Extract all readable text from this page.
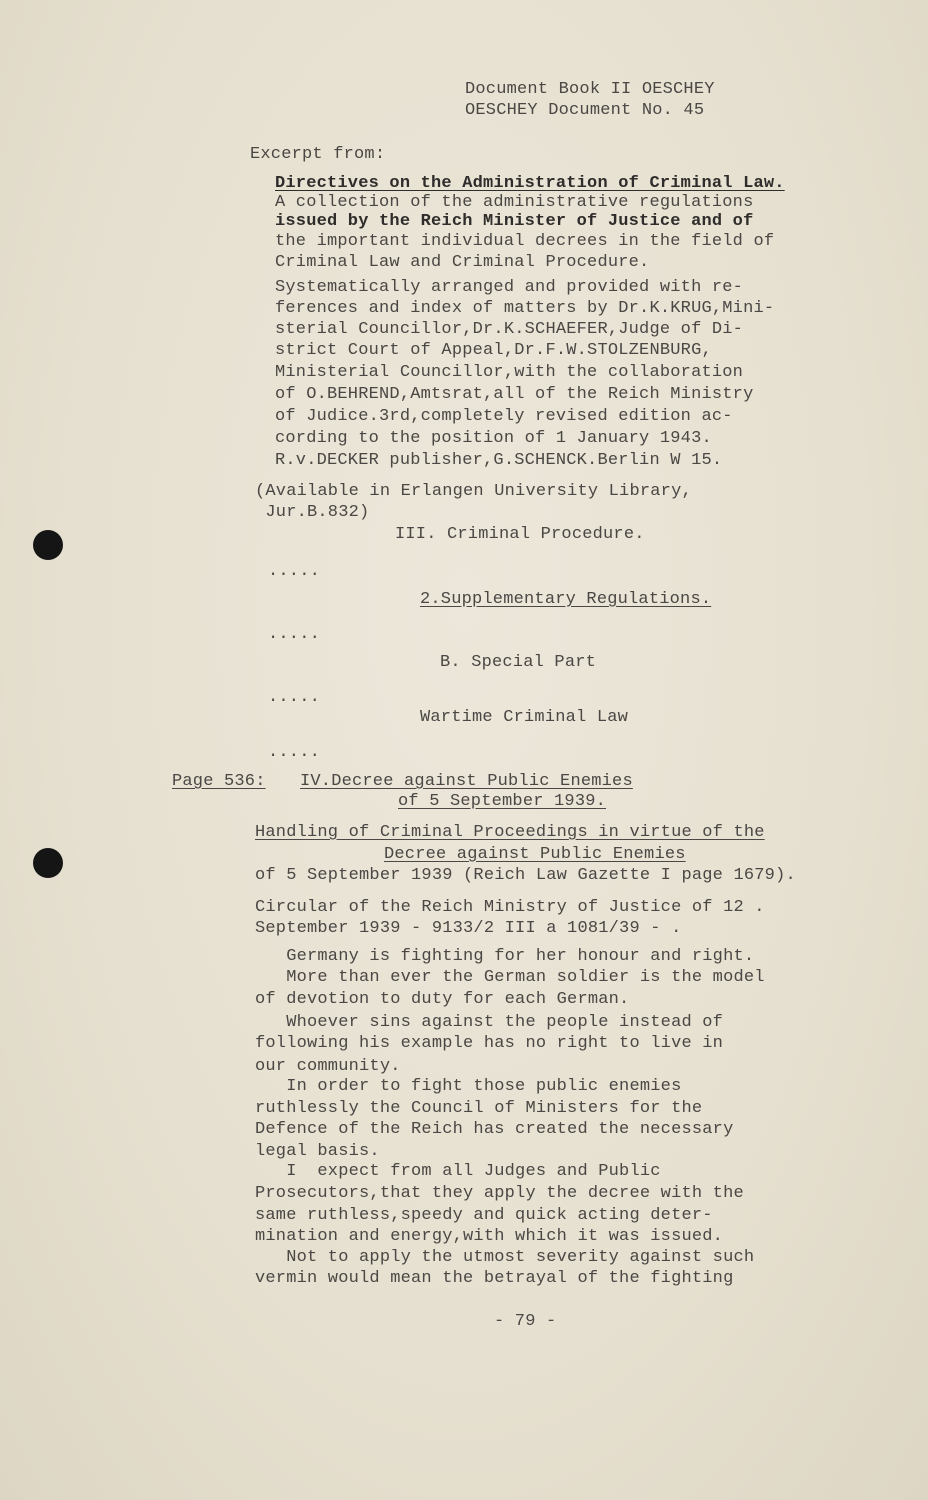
Document Book II OESCHEY
OESCHEY Document No. 45
Excerpt from:
Directives on the Administration of Criminal Law.
A collection of the administrative regulations
issued by the Reich Minister of Justice and of
the important individual decrees in the field of
Criminal Law and Criminal Procedure.
Systematically arranged and provided with re-
ferences and index of matters by Dr.K.KRUG,Mini-
sterial Councillor,Dr.K.SCHAEFER,Judge of Di-
strict Court of Appeal,Dr.F.W.STOLZENBURG,
Ministerial Councillor,with the collaboration
of O.BEHREND,Amtsrat,all of the Reich Ministry
of Judice.3rd,completely revised edition ac-
cording to the position of 1 January 1943.
R.v.DECKER publisher,G.SCHENCK.Berlin W 15.
(Available in Erlangen University Library,
Jur.B.832)
III. Criminal Procedure.
.....
2.Supplementary Regulations.
.....
B. Special Part
.....
Wartime Criminal Law
.....
Page 536: IV.Decree against Public Enemies
of 5 September 1939.
Handling of Criminal Proceedings in virtue of the
Decree against Public Enemies
of 5 September 1939 (Reich Law Gazette I page 1679).
Circular of the Reich Ministry of Justice of 12 .
September 1939 - 9133/2 III a 1081/39 - .
Germany is fighting for her honour and right.
More than ever the German soldier is the model
of devotion to duty for each German.
Whoever sins against the people instead of
following his example has no right to live in
our community.
In order to fight those public enemies
ruthlessly the Council of Ministers for the
Defence of the Reich has created the necessary
legal basis.
I  expect from all Judges and Public
Prosecutors,that they apply the decree with the
same ruthless,speedy and quick acting deter-
mination and energy,with which it was issued.
Not to apply the utmost severity against such
vermin would mean the betrayal of the fighting
- 79 -
